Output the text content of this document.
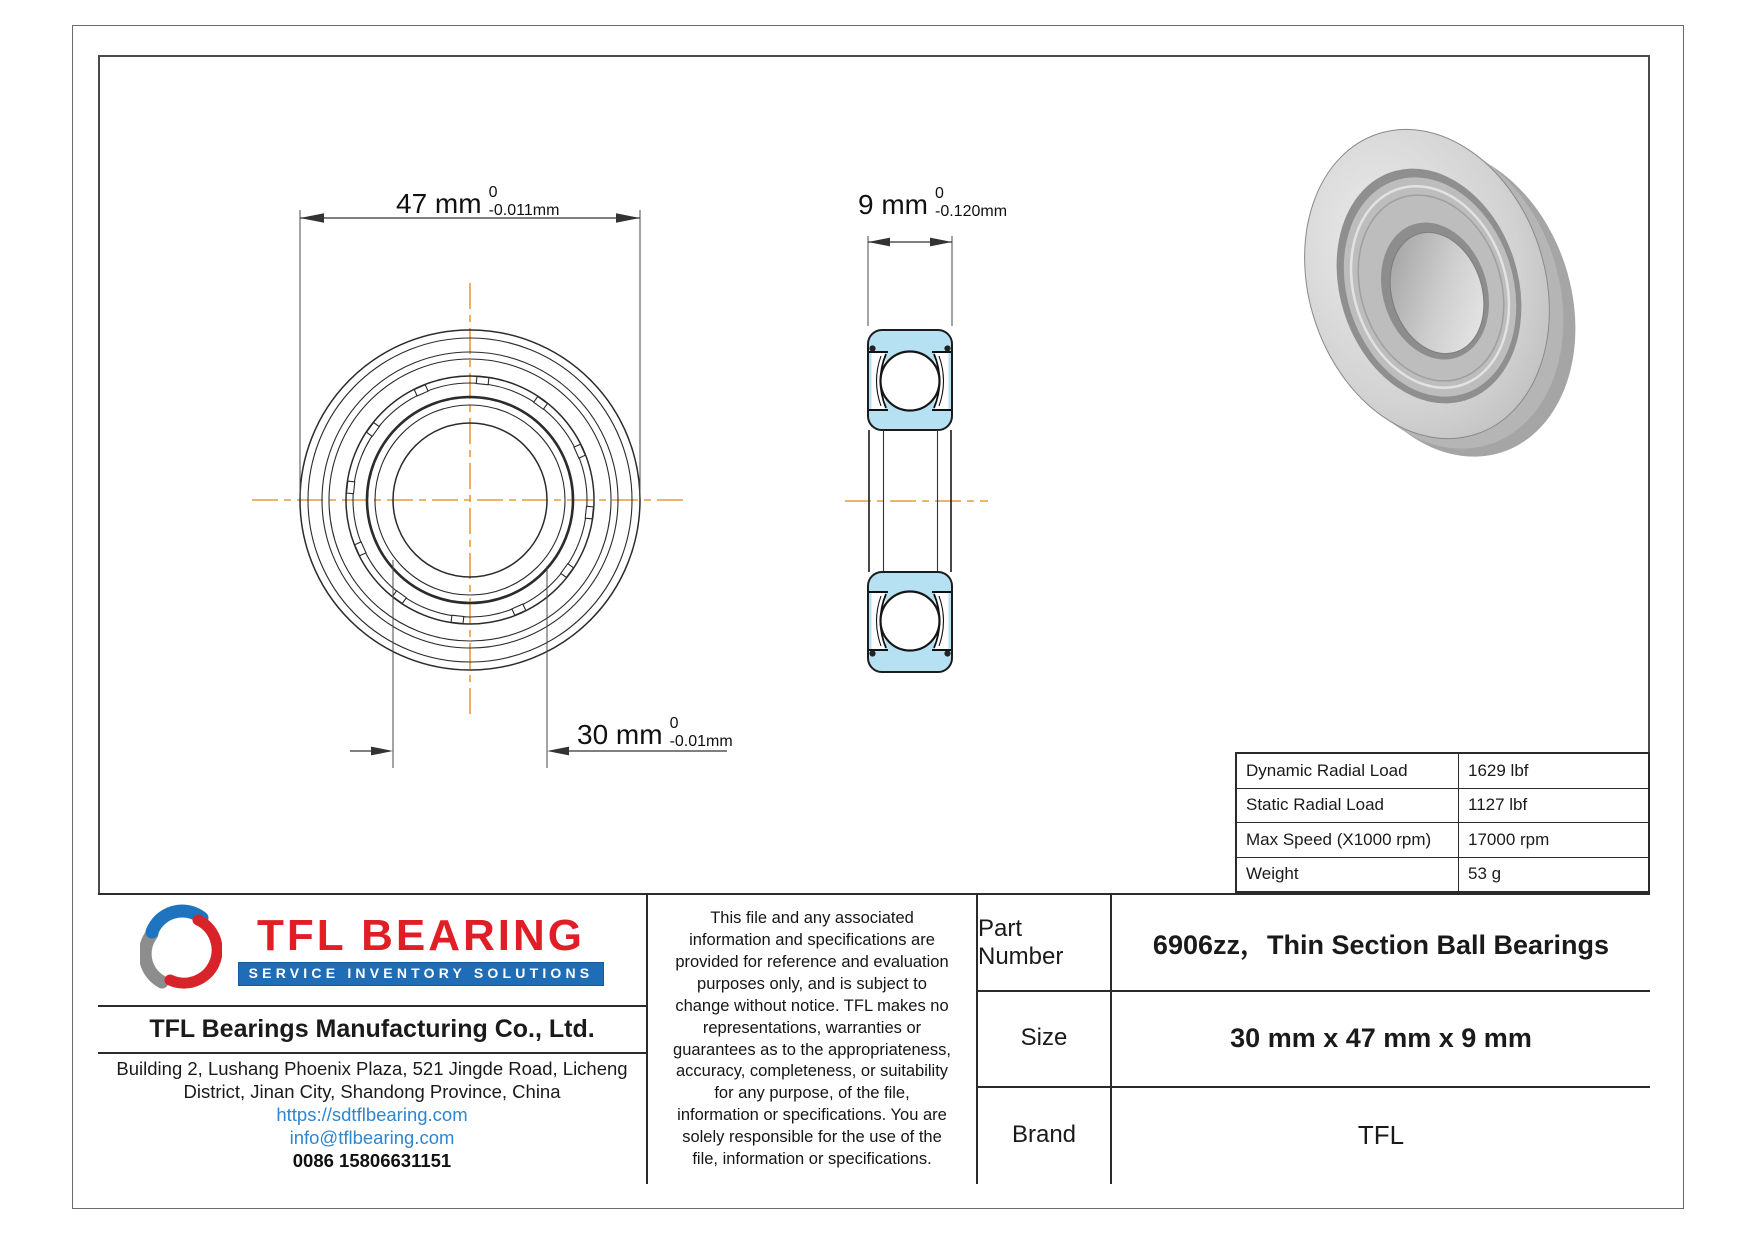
47 mm 0
-0.011mm	9 mm 0
-0.120mm
30 mm 0
-0.01mm
Dynamic Radial Load	1629 lbf
Static Radial Load	1127 lbf
Max Speed (X1000 rpm)	17000 rpm
Weight	53 g
TFL BEARING
SERVICE INVENTORY SOLUTIONS
TFL Bearings Manufacturing Co., Ltd.
Building 2, Lushang Phoenix Plaza, 521 Jingde Road, Licheng District, Jinan City, Shandong Province, China
https://sdtflbearing.com
info@tflbearing.com
0086 15806631151
This file and any associated information and specifications are provided for reference and evaluation purposes only, and is subject to change without notice. TFL makes no representations, warranties or guarantees as to the appropriateness, accuracy, completeness, or suitability for any purpose, of the file, information or specifications. You are solely responsible for the use of the file, information or specifications.
Part Number	6906zz，Thin Section Ball Bearings
Size	30 mm x 47 mm x 9 mm
Brand	TFL
